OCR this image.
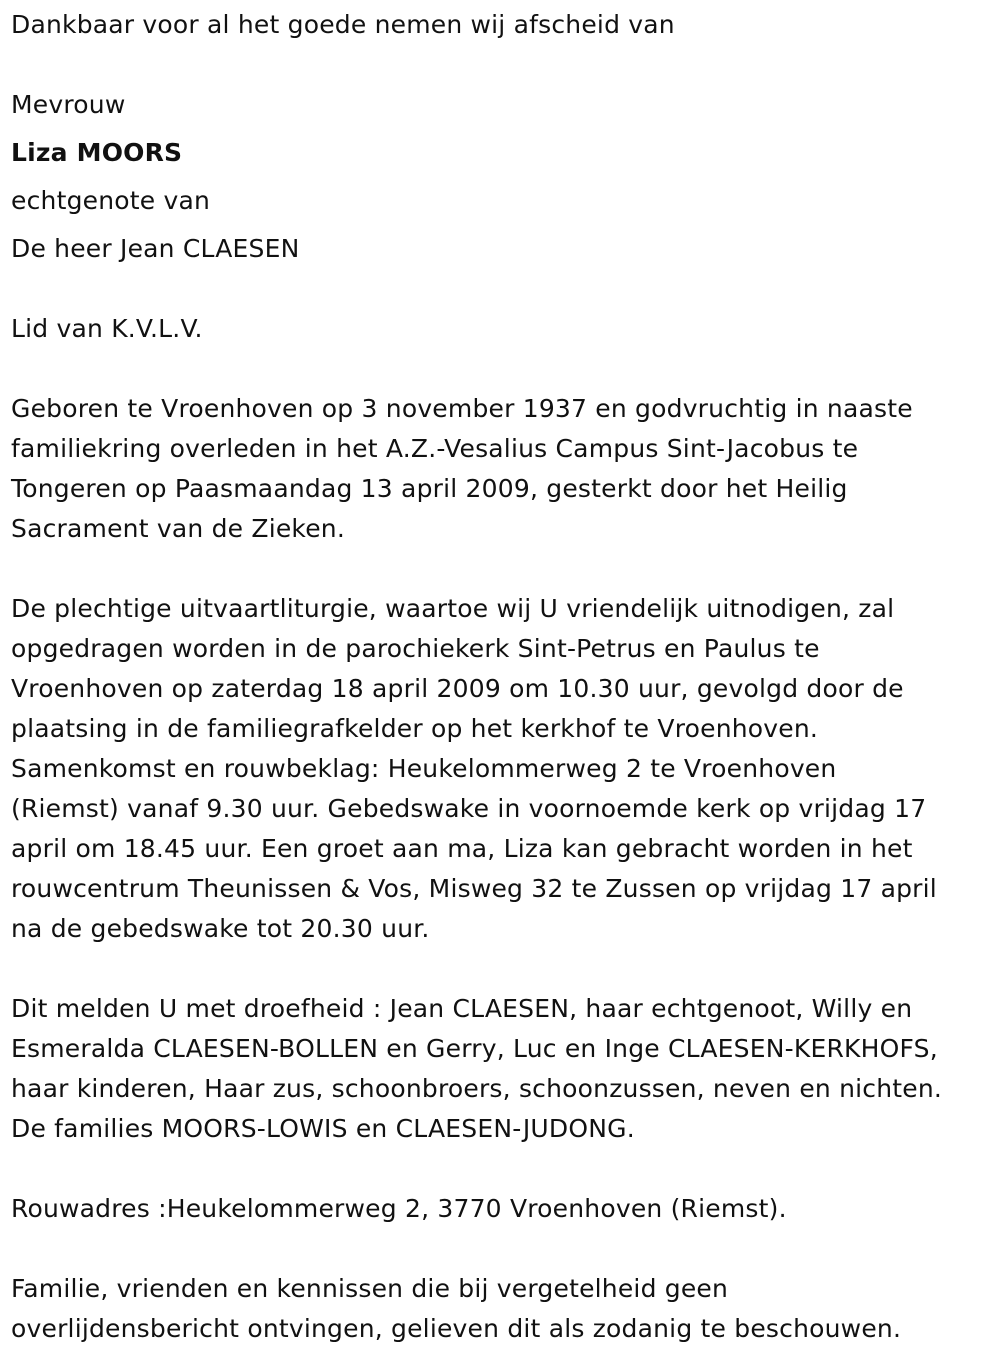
Dankbaar voor al het goede nemen wij afscheid van
Mevrouw
Liza MOORS
echtgenote van
De heer Jean CLAESEN
Lid van K.V.L.V.
Geboren te Vroenhoven op 3 november 1937 en godvruchtig in naaste
familiekring overleden in het A.Z.-Vesalius Campus Sint-Jacobus te
Tongeren op Paasmaandag 13 april 2009, gesterkt door het Heilig
Sacrament van de Zieken.
De plechtige uitvaartliturgie, waartoe wij U vriendelijk uitnodigen, zal
opgedragen worden in de parochiekerk Sint-Petrus en Paulus te
Vroenhoven op zaterdag 18 april 2009 om 10.30 uur, gevolgd door de
plaatsing in de familiegrafkelder op het kerkhof te Vroenhoven.
Samenkomst en rouwbeklag: Heukelommerweg 2 te Vroenhoven
(Riemst) vanaf 9.30 uur. Gebedswake in voornoemde kerk op vrijdag 17
april om 18.45 uur. Een groet aan ma, Liza kan gebracht worden in het
rouwcentrum Theunissen & Vos, Misweg 32 te Zussen op vrijdag 17 april
na de gebedswake tot 20.30 uur.
Dit melden U met droefheid : Jean CLAESEN, haar echtgenoot, Willy en
Esmeralda CLAESEN-BOLLEN en Gerry, Luc en Inge CLAESEN-KERKHOFS,
haar kinderen, Haar zus, schoonbroers, schoonzussen, neven en nichten.
De families MOORS-LOWIS en CLAESEN-JUDONG.
Rouwadres :Heukelommerweg 2, 3770 Vroenhoven (Riemst).
Familie, vrienden en kennissen die bij vergetelheid geen
overlijdensbericht ontvingen, gelieven dit als zodanig te beschouwen.
